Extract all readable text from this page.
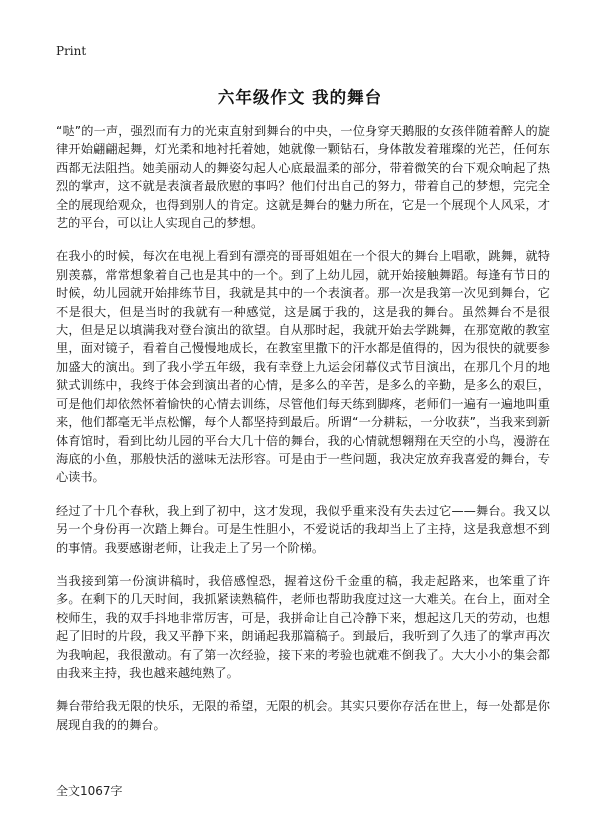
Print
六年级作文 我的舞台

“哒”的一声，强烈而有力的光束直射到舞台的中央，一位身穿天鹅服的女孩伴随着醉人的旋律开始翩翩起舞，灯光柔和地衬托着她，她就像一颗钻石，身体散发着璀璨的光芒，任何东西都无法阻挡。她美丽动人的舞姿勾起人心底最温柔的部分，带着微笑的台下观众响起了热烈的掌声，这不就是表演者最欣慰的事吗？他们付出自己的努力，带着自己的梦想，完完全全的展现给观众，也得到别人的肯定。这就是舞台的魅力所在，它是一个展现个人风采，才艺的平台，可以让人实现自己的梦想。

在我小的时候，每次在电视上看到有漂亮的哥哥姐姐在一个很大的舞台上唱歌，跳舞，就特别羡慕，常常想象着自己也是其中的一个。到了上幼儿园，就开始接触舞蹈。每逢有节日的时候，幼儿园就开始排练节目，我就是其中的一个表演者。那一次是我第一次见到舞台，它不是很大，但是当时的我就有一种感觉，这是属于我的，这是我的舞台。虽然舞台不是很大，但是足以填满我对登台演出的欲望。自从那时起，我就开始去学跳舞，在那宽敞的教室里，面对镜子，看着自己慢慢地成长，在教室里撒下的汗水都是值得的，因为很快的就要参加盛大的演出。到了我小学五年级，我有幸登上九运会闭幕仪式节目演出，在那几个月的地狱式训练中，我终于体会到演出者的心情，是多么的辛苦，是多么的辛勤，是多么的艰巨，可是他们却依然怀着愉快的心情去训练，尽管他们每天练到脚疼，老师们一遍有一遍地叫重来，他们都毫无半点松懈，每个人都坚持到最后。所谓“一分耕耘，一分收获”，当我来到新体育馆时，看到比幼儿园的平台大几十倍的舞台，我的心情就想翱翔在天空的小鸟，漫游在海底的小鱼，那般快活的滋味无法形容。可是由于一些问题，我决定放弃我喜爱的舞台，专心读书。

经过了十几个春秋，我上到了初中，这才发现，我似乎重来没有失去过它——舞台。我又以另一个身份再一次踏上舞台。可是生性胆小，不爱说话的我却当上了主持，这是我意想不到的事情。我要感谢老师，让我走上了另一个阶梯。

当我接到第一份演讲稿时，我倍感惶恐，握着这份千金重的稿，我走起路来，也笨重了许多。在剩下的几天时间，我抓紧读熟稿件，老师也帮助我度过这一大难关。在台上，面对全校师生，我的双手抖地非常厉害，可是，我拼命让自己冷静下来，想起这几天的劳动，也想起了旧时的片段，我又平静下来，朗诵起我那篇稿子。到最后，我听到了久违了的掌声再次为我响起，我很激动。有了第一次经验，接下来的考验也就难不倒我了。大大小小的集会都由我来主持，我也越来越纯熟了。

舞台带给我无限的快乐，无限的希望，无限的机会。其实只要你存活在世上，每一处都是你展现自我的的舞台。

全文1067字
